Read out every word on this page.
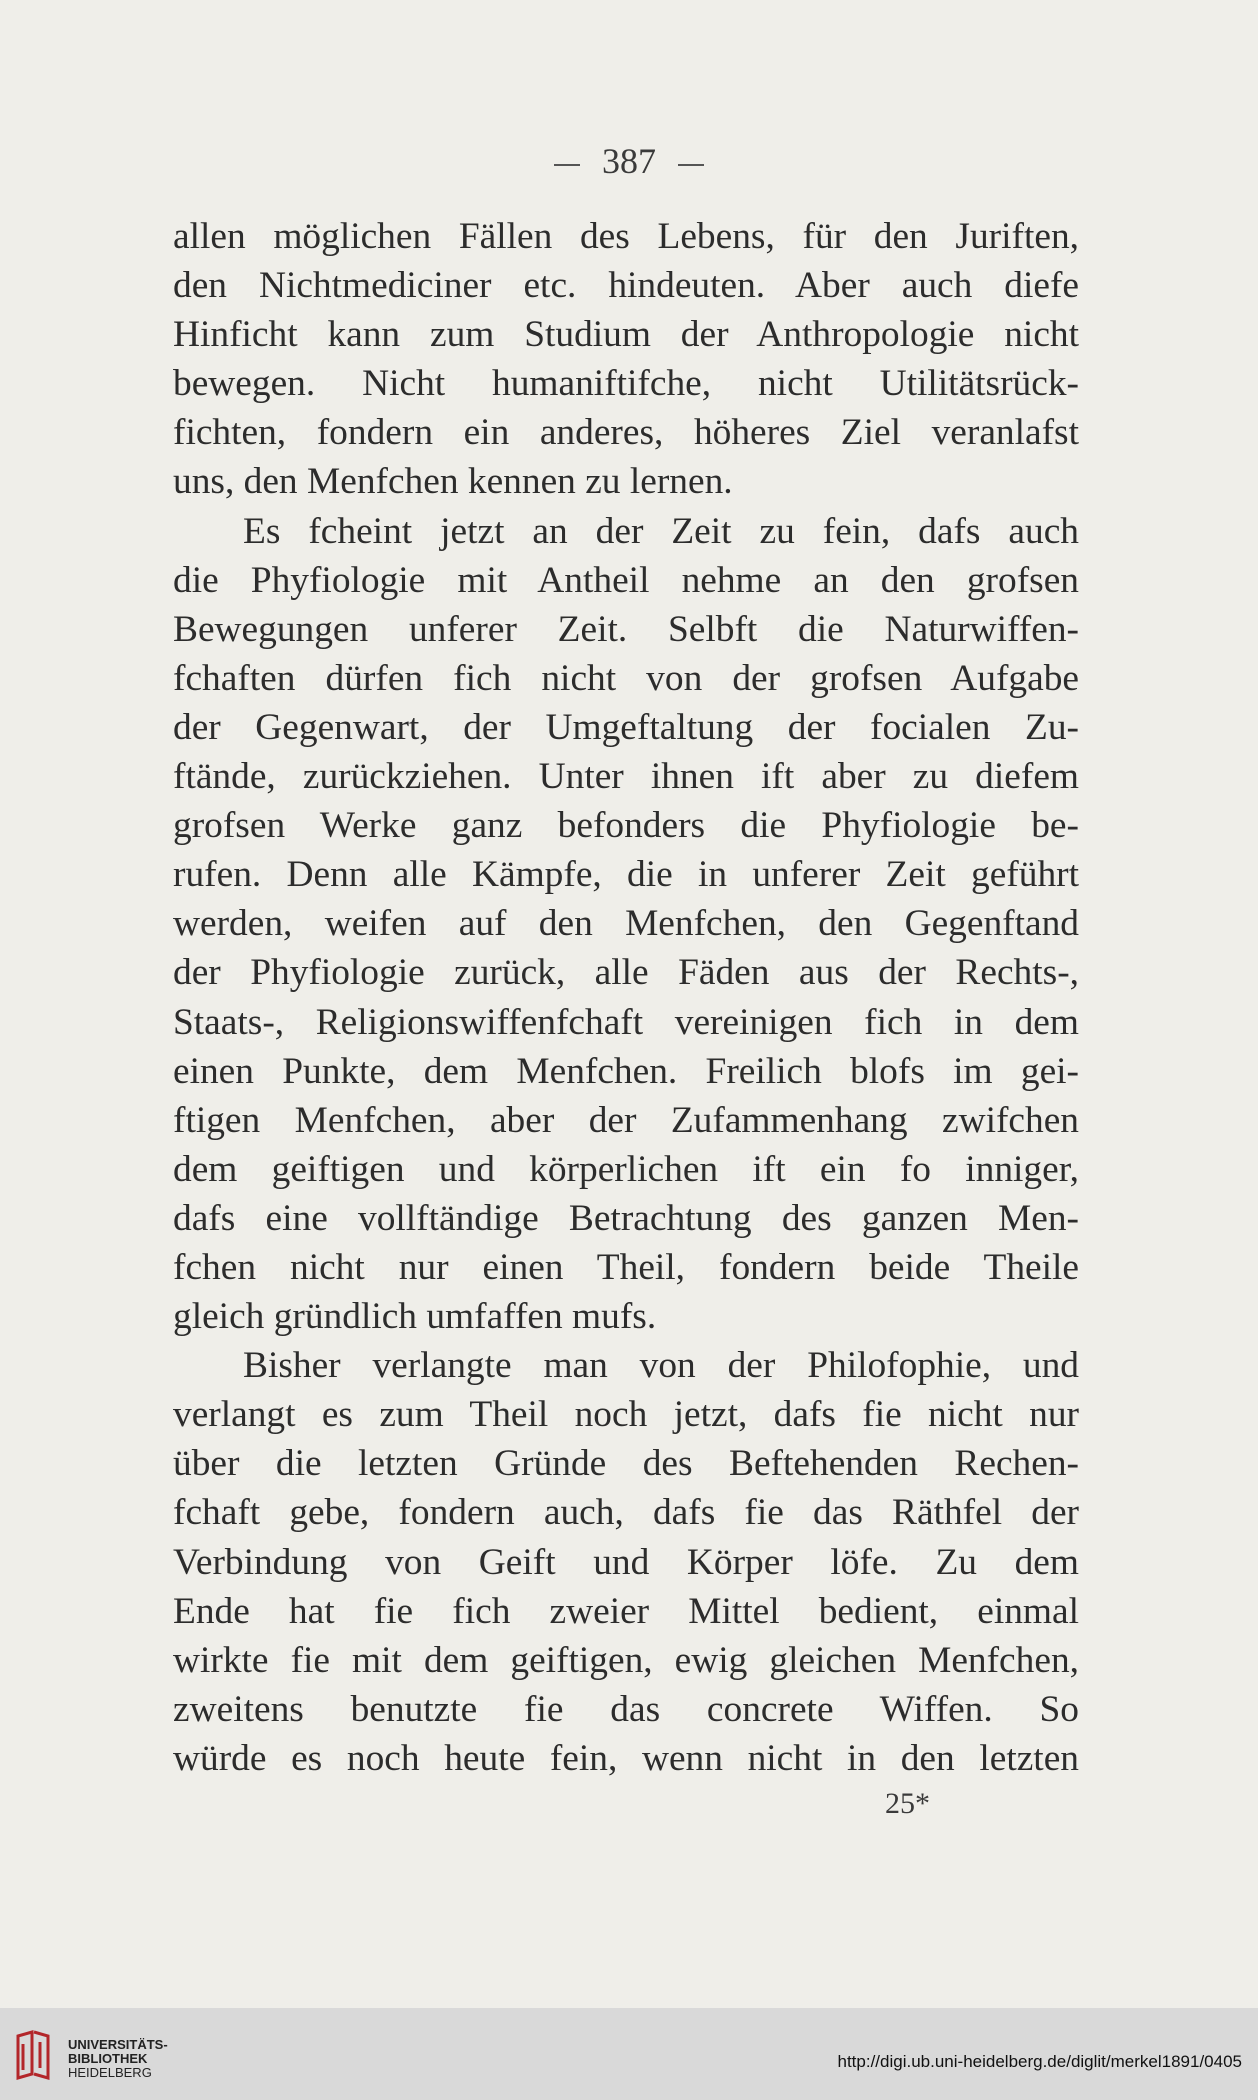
387
allen möglichen Fällen des Lebens, für den Juriften,
den Nichtmediciner etc. hindeuten. Aber auch diefe
Hinficht kann zum Studium der Anthropologie nicht
bewegen. Nicht humaniftifche, nicht Utilitätsrück-
fichten, fondern ein anderes, höheres Ziel veranlafst
uns, den Menfchen kennen zu lernen.
Es fcheint jetzt an der Zeit zu fein, dafs auch
die Phyfiologie mit Antheil nehme an den grofsen
Bewegungen unferer Zeit. Selbft die Naturwiffen-
fchaften dürfen fich nicht von der grofsen Aufgabe
der Gegenwart, der Umgeftaltung der focialen Zu-
ftände, zurückziehen. Unter ihnen ift aber zu diefem
grofsen Werke ganz befonders die Phyfiologie be-
rufen. Denn alle Kämpfe, die in unferer Zeit geführt
werden, weifen auf den Menfchen, den Gegenftand
der Phyfiologie zurück, alle Fäden aus der Rechts-,
Staats-, Religionswiffenfchaft vereinigen fich in dem
einen Punkte, dem Menfchen. Freilich blofs im gei-
ftigen Menfchen, aber der Zufammenhang zwifchen
dem geiftigen und körperlichen ift ein fo inniger,
dafs eine vollftändige Betrachtung des ganzen Men-
fchen nicht nur einen Theil, fondern beide Theile
gleich gründlich umfaffen mufs.
Bisher verlangte man von der Philofophie, und
verlangt es zum Theil noch jetzt, dafs fie nicht nur
über die letzten Gründe des Beftehenden Rechen-
fchaft gebe, fondern auch, dafs fie das Räthfel der
Verbindung von Geift und Körper löfe. Zu dem
Ende hat fie fich zweier Mittel bedient, einmal
wirkte fie mit dem geiftigen, ewig gleichen Menfchen,
zweitens benutzte fie das concrete Wiffen. So
würde es noch heute fein, wenn nicht in den letzten
25*
UNIVERSITÄTS-
BIBLIOTHEK
HEIDELBERG
http://digi.ub.uni-heidelberg.de/diglit/merkel1891/0405
